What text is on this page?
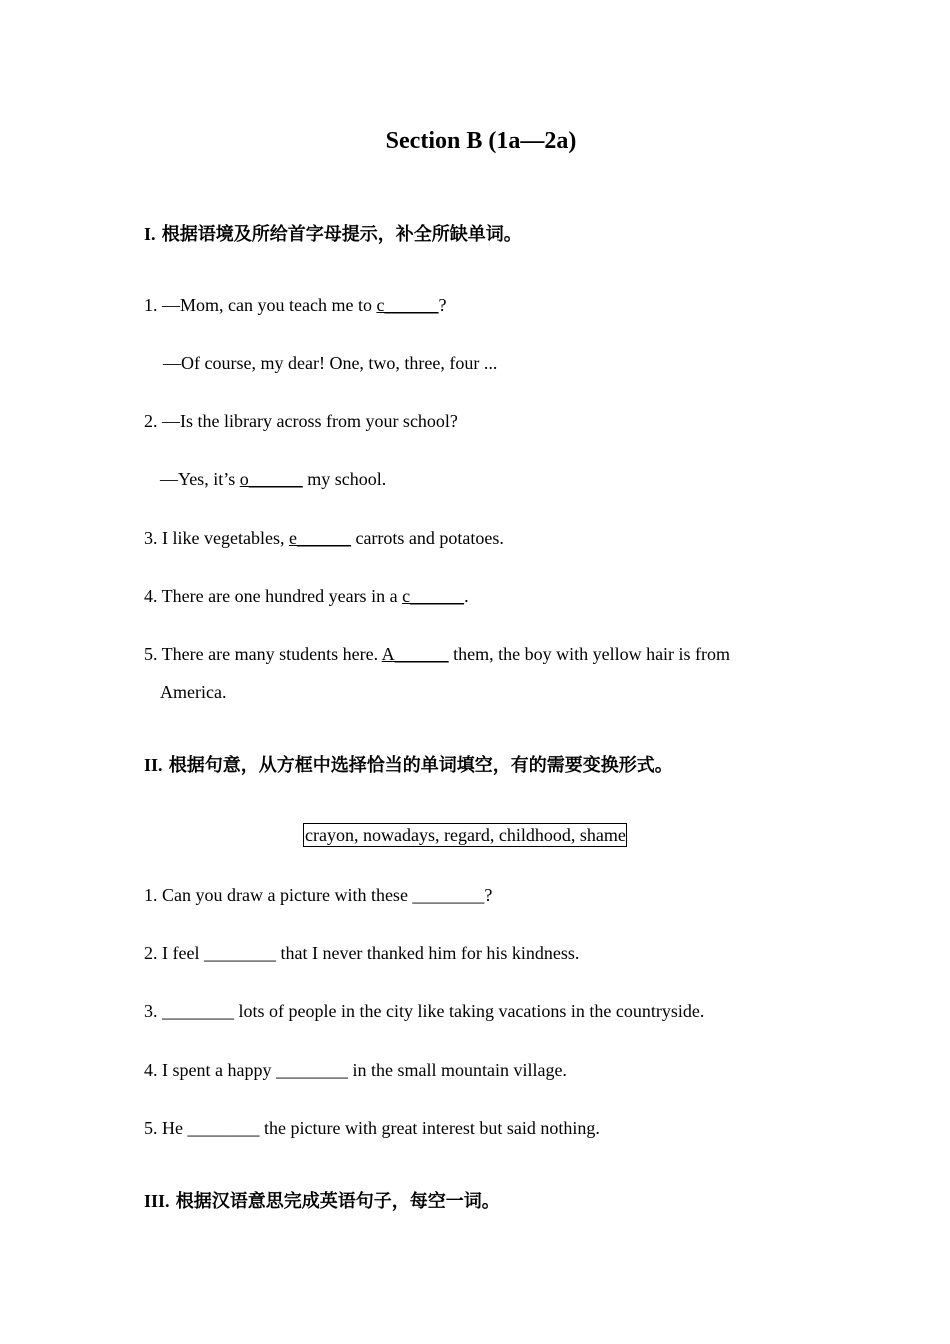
Section B (1a—2a)
I. 根据语境及所给首字母提示，补全所缺单词。
1. —Mom, can you teach me to c______?
—Of course, my dear! One, two, three, four ...
2. —Is the library across from your school?
—Yes, it’s o______ my school.
3. I like vegetables, e______ carrots and potatoes.
4. There are one hundred years in a c______.
5. There are many students here. A______ them, the boy with yellow hair is from
America.
II. 根据句意，从方框中选择恰当的单词填空，有的需要变换形式。
crayon, nowadays, regard, childhood, shame
1. Can you draw a picture with these ________?
2. I feel ________ that I never thanked him for his kindness.
3. ________ lots of people in the city like taking vacations in the countryside.
4. I spent a happy ________ in the small mountain village.
5. He ________ the picture with great interest but said nothing.
III. 根据汉语意思完成英语句子，每空一词。
